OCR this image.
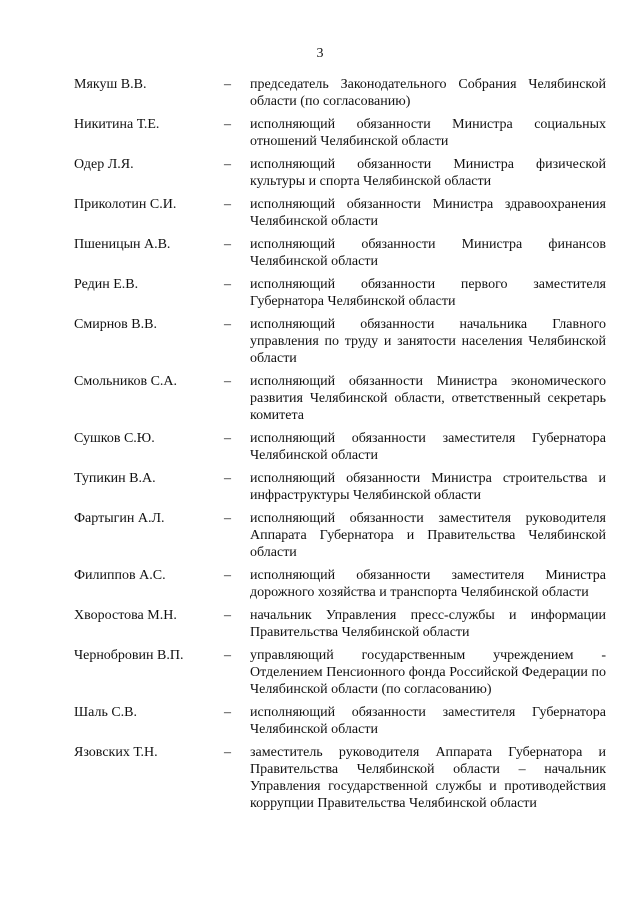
3
Мякуш В.В.	–	председатель Законодательного Собрания Челябинской области (по согласованию)
Никитина Т.Е.	–	исполняющий обязанности Министра социальных отношений Челябинской области
Одер Л.Я.	–	исполняющий обязанности Министра физической культуры и спорта Челябинской области
Приколотин С.И.	–	исполняющий обязанности Министра здравоохранения Челябинской области
Пшеницын А.В.	–	исполняющий обязанности Министра финансов Челябинской области
Редин Е.В.	–	исполняющий обязанности первого заместителя Губернатора Челябинской области
Смирнов В.В.	–	исполняющий обязанности начальника Главного управления по труду и занятости населения Челябинской области
Смольников С.А.	–	исполняющий обязанности Министра экономического развития Челябинской области, ответственный секретарь комитета
Сушков С.Ю.	–	исполняющий обязанности заместителя Губернатора Челябинской области
Тупикин В.А.	–	исполняющий обязанности Министра строительства и инфраструктуры Челябинской области
Фартыгин А.Л.	–	исполняющий обязанности заместителя руководителя Аппарата Губернатора и Правительства Челябинской области
Филиппов А.С.	–	исполняющий обязанности заместителя Министра дорожного хозяйства и транспорта Челябинской области
Хворостова М.Н.	–	начальник Управления пресс-службы и информации Правительства Челябинской области
Чернобровин В.П.	–	управляющий государственным учреждением - Отделением Пенсионного фонда Российской Федерации по Челябинской области (по согласованию)
Шаль С.В.	–	исполняющий обязанности заместителя Губернатора Челябинской области
Язовских Т.Н.	–	заместитель руководителя Аппарата Губернатора и Правительства Челябинской области – начальник Управления государственной службы и противодействия коррупции Правительства Челябинской области
